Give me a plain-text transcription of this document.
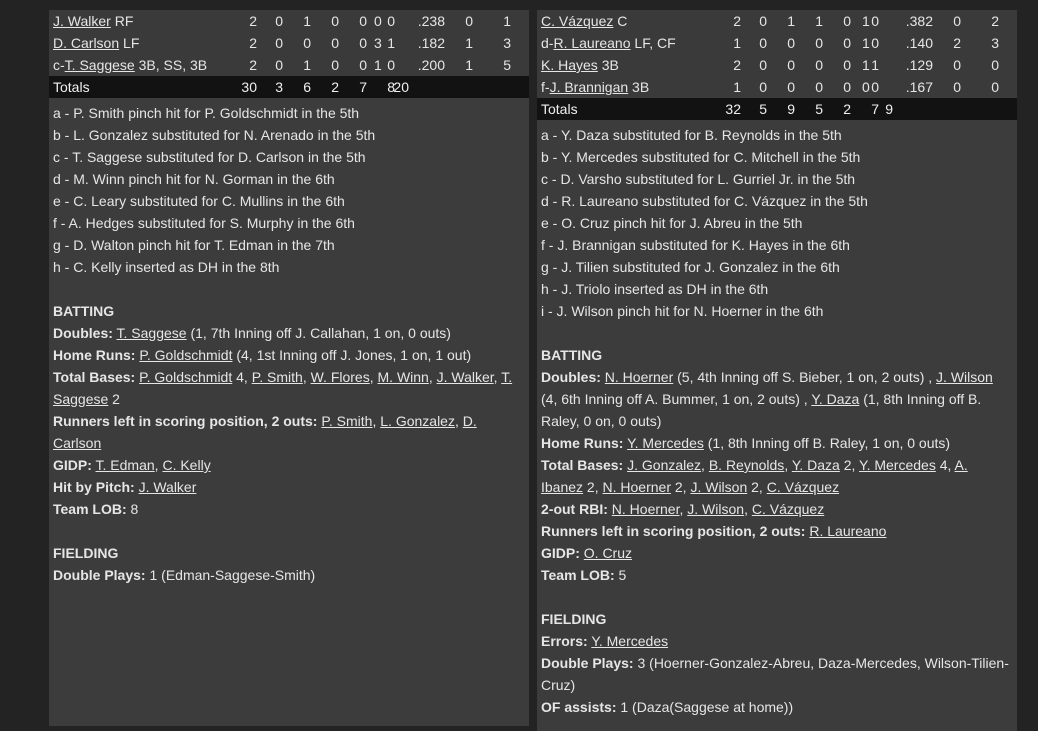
J. Walker RF		2	0	1	0	0	0	0 .238	0	1	
D. Carlson LF		2	0	0	0	0	1	3 .182	1	3	
c-T. Saggese 3B, SS, 3B		2	0	1	0	0	0	1 .200	1	5	
Totals		30	3	6	2	7	8	20			
a - P. Smith pinch hit for P. Goldschmidt in the 5th
b - L. Gonzalez substituted for N. Arenado in the 5th
c - T. Saggese substituted for D. Carlson in the 5th
d - M. Winn pinch hit for N. Gorman in the 6th
e - C. Leary substituted for C. Mullins in the 6th
f - A. Hedges substituted for S. Murphy in the 6th
g - D. Walton pinch hit for T. Edman in the 7th
h - C. Kelly inserted as DH in the 8th
BATTING
Doubles: T. Saggese (1, 7th Inning off J. Callahan, 1 on, 0 outs)
Home Runs: P. Goldschmidt (4, 1st Inning off J. Jones, 1 on, 1 out)
Total Bases: P. Goldschmidt 4, P. Smith, W. Flores, M. Winn, J. Walker, T. Saggese 2
Runners left in scoring position, 2 outs: P. Smith, L. Gonzalez, D. Carlson
GIDP: T. Edman, C. Kelly
Hit by Pitch: J. Walker
Team LOB: 8
FIELDING
Double Plays: 1 (Edman-Saggese-Smith)
C. Vázquez C		2	0	1	1	0	0	1 .382	0	2	
d-R. Laureano LF, CF		1	0	0	0	0	0	1 .140	2	3	
K. Hayes 3B		2	0	0	0	0	1	1 .129	0	0	
f-J. Brannigan 3B		1	0	0	0	0	0	0 .167	0	0	
Totals		32	5	9	5	2	7	9			
a - Y. Daza substituted for B. Reynolds in the 5th
b - Y. Mercedes substituted for C. Mitchell in the 5th
c - D. Varsho substituted for L. Gurriel Jr. in the 5th
d - R. Laureano substituted for C. Vázquez in the 5th
e - O. Cruz pinch hit for J. Abreu in the 5th
f - J. Brannigan substituted for K. Hayes in the 6th
g - J. Tilien substituted for J. Gonzalez in the 6th
h - J. Triolo inserted as DH in the 6th
i - J. Wilson pinch hit for N. Hoerner in the 6th
BATTING
Doubles: N. Hoerner (5, 4th Inning off S. Bieber, 1 on, 2 outs) , J. Wilson (4, 6th Inning off A. Bummer, 1 on, 2 outs) , Y. Daza (1, 8th Inning off B. Raley, 0 on, 0 outs)
Home Runs: Y. Mercedes (1, 8th Inning off B. Raley, 1 on, 0 outs)
Total Bases: J. Gonzalez, B. Reynolds, Y. Daza 2, Y. Mercedes 4, A. Ibanez 2, N. Hoerner 2, J. Wilson 2, C. Vázquez
2-out RBI: N. Hoerner, J. Wilson, C. Vázquez
Runners left in scoring position, 2 outs: R. Laureano
GIDP: O. Cruz
Team LOB: 5
FIELDING
Errors: Y. Mercedes
Double Plays: 3 (Hoerner-Gonzalez-Abreu, Daza-Mercedes, Wilson-Tilien-Cruz)
OF assists: 1 (Daza(Saggese at home))
